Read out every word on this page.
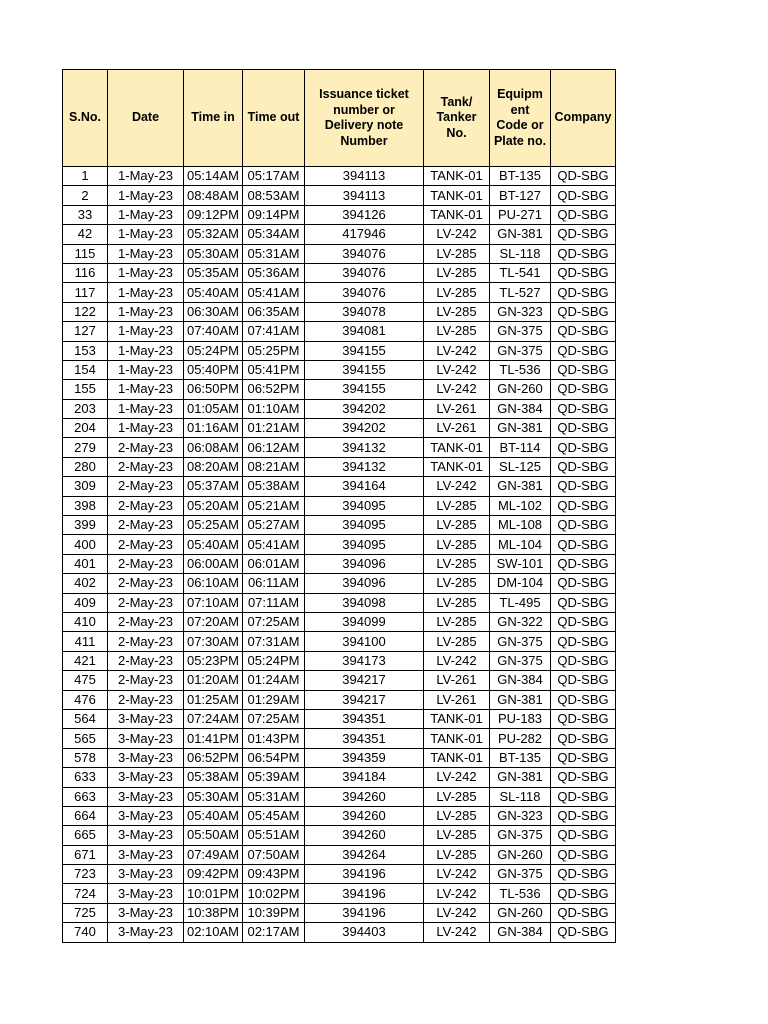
S.No.	Date	Time in	Time out	Issuance ticket
number or
Delivery note
Number	Tank/
Tanker
No.	Equipm
ent
Code or
Plate no.	Company
1	1-May-23	05:14AM	05:17AM	394113	TANK-01	BT-135	QD-SBG
2	1-May-23	08:48AM	08:53AM	394113	TANK-01	BT-127	QD-SBG
33	1-May-23	09:12PM	09:14PM	394126	TANK-01	PU-271	QD-SBG
42	1-May-23	05:32AM	05:34AM	417946	LV-242	GN-381	QD-SBG
115	1-May-23	05:30AM	05:31AM	394076	LV-285	SL-118	QD-SBG
116	1-May-23	05:35AM	05:36AM	394076	LV-285	TL-541	QD-SBG
117	1-May-23	05:40AM	05:41AM	394076	LV-285	TL-527	QD-SBG
122	1-May-23	06:30AM	06:35AM	394078	LV-285	GN-323	QD-SBG
127	1-May-23	07:40AM	07:41AM	394081	LV-285	GN-375	QD-SBG
153	1-May-23	05:24PM	05:25PM	394155	LV-242	GN-375	QD-SBG
154	1-May-23	05:40PM	05:41PM	394155	LV-242	TL-536	QD-SBG
155	1-May-23	06:50PM	06:52PM	394155	LV-242	GN-260	QD-SBG
203	1-May-23	01:05AM	01:10AM	394202	LV-261	GN-384	QD-SBG
204	1-May-23	01:16AM	01:21AM	394202	LV-261	GN-381	QD-SBG
279	2-May-23	06:08AM	06:12AM	394132	TANK-01	BT-114	QD-SBG
280	2-May-23	08:20AM	08:21AM	394132	TANK-01	SL-125	QD-SBG
309	2-May-23	05:37AM	05:38AM	394164	LV-242	GN-381	QD-SBG
398	2-May-23	05:20AM	05:21AM	394095	LV-285	ML-102	QD-SBG
399	2-May-23	05:25AM	05:27AM	394095	LV-285	ML-108	QD-SBG
400	2-May-23	05:40AM	05:41AM	394095	LV-285	ML-104	QD-SBG
401	2-May-23	06:00AM	06:01AM	394096	LV-285	SW-101	QD-SBG
402	2-May-23	06:10AM	06:11AM	394096	LV-285	DM-104	QD-SBG
409	2-May-23	07:10AM	07:11AM	394098	LV-285	TL-495	QD-SBG
410	2-May-23	07:20AM	07:25AM	394099	LV-285	GN-322	QD-SBG
411	2-May-23	07:30AM	07:31AM	394100	LV-285	GN-375	QD-SBG
421	2-May-23	05:23PM	05:24PM	394173	LV-242	GN-375	QD-SBG
475	2-May-23	01:20AM	01:24AM	394217	LV-261	GN-384	QD-SBG
476	2-May-23	01:25AM	01:29AM	394217	LV-261	GN-381	QD-SBG
564	3-May-23	07:24AM	07:25AM	394351	TANK-01	PU-183	QD-SBG
565	3-May-23	01:41PM	01:43PM	394351	TANK-01	PU-282	QD-SBG
578	3-May-23	06:52PM	06:54PM	394359	TANK-01	BT-135	QD-SBG
633	3-May-23	05:38AM	05:39AM	394184	LV-242	GN-381	QD-SBG
663	3-May-23	05:30AM	05:31AM	394260	LV-285	SL-118	QD-SBG
664	3-May-23	05:40AM	05:45AM	394260	LV-285	GN-323	QD-SBG
665	3-May-23	05:50AM	05:51AM	394260	LV-285	GN-375	QD-SBG
671	3-May-23	07:49AM	07:50AM	394264	LV-285	GN-260	QD-SBG
723	3-May-23	09:42PM	09:43PM	394196	LV-242	GN-375	QD-SBG
724	3-May-23	10:01PM	10:02PM	394196	LV-242	TL-536	QD-SBG
725	3-May-23	10:38PM	10:39PM	394196	LV-242	GN-260	QD-SBG
740	3-May-23	02:10AM	02:17AM	394403	LV-242	GN-384	QD-SBG
